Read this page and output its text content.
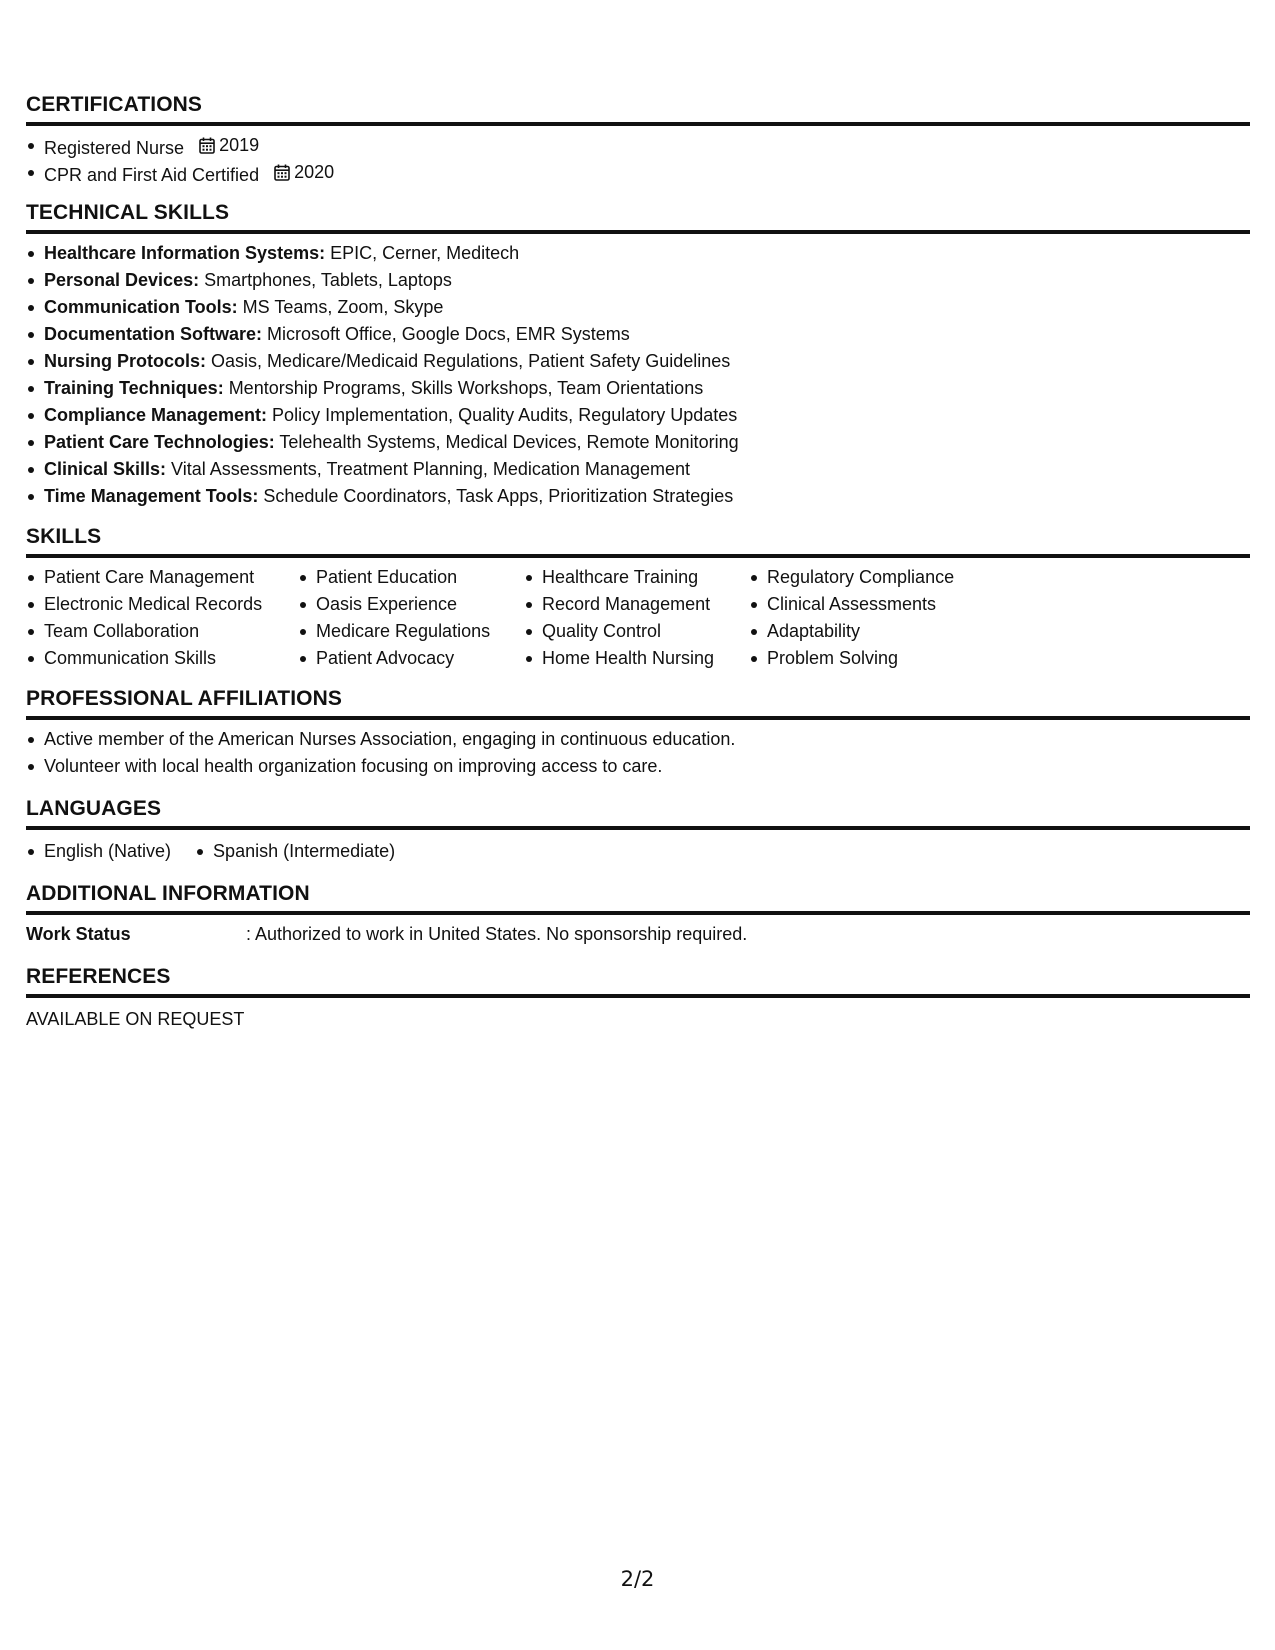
CERTIFICATIONS
Registered Nurse 2019
CPR and First Aid Certified 2020
TECHNICAL SKILLS
Healthcare Information Systems: EPIC, Cerner, Meditech
Personal Devices: Smartphones, Tablets, Laptops
Communication Tools: MS Teams, Zoom, Skype
Documentation Software: Microsoft Office, Google Docs, EMR Systems
Nursing Protocols: Oasis, Medicare/Medicaid Regulations, Patient Safety Guidelines
Training Techniques: Mentorship Programs, Skills Workshops, Team Orientations
Compliance Management: Policy Implementation, Quality Audits, Regulatory Updates
Patient Care Technologies: Telehealth Systems, Medical Devices, Remote Monitoring
Clinical Skills: Vital Assessments, Treatment Planning, Medication Management
Time Management Tools: Schedule Coordinators, Task Apps, Prioritization Strategies
SKILLS
Patient Care Management
Electronic Medical Records
Team Collaboration
Communication Skills
Patient Education
Oasis Experience
Medicare Regulations
Patient Advocacy
Healthcare Training
Record Management
Quality Control
Home Health Nursing
Regulatory Compliance
Clinical Assessments
Adaptability
Problem Solving
PROFESSIONAL AFFILIATIONS
Active member of the American Nurses Association, engaging in continuous education.
Volunteer with local health organization focusing on improving access to care.
LANGUAGES
English (Native)	Spanish (Intermediate)
ADDITIONAL INFORMATION
Work Status	: Authorized to work in United States. No sponsorship required.
REFERENCES
AVAILABLE ON REQUEST
2/2
